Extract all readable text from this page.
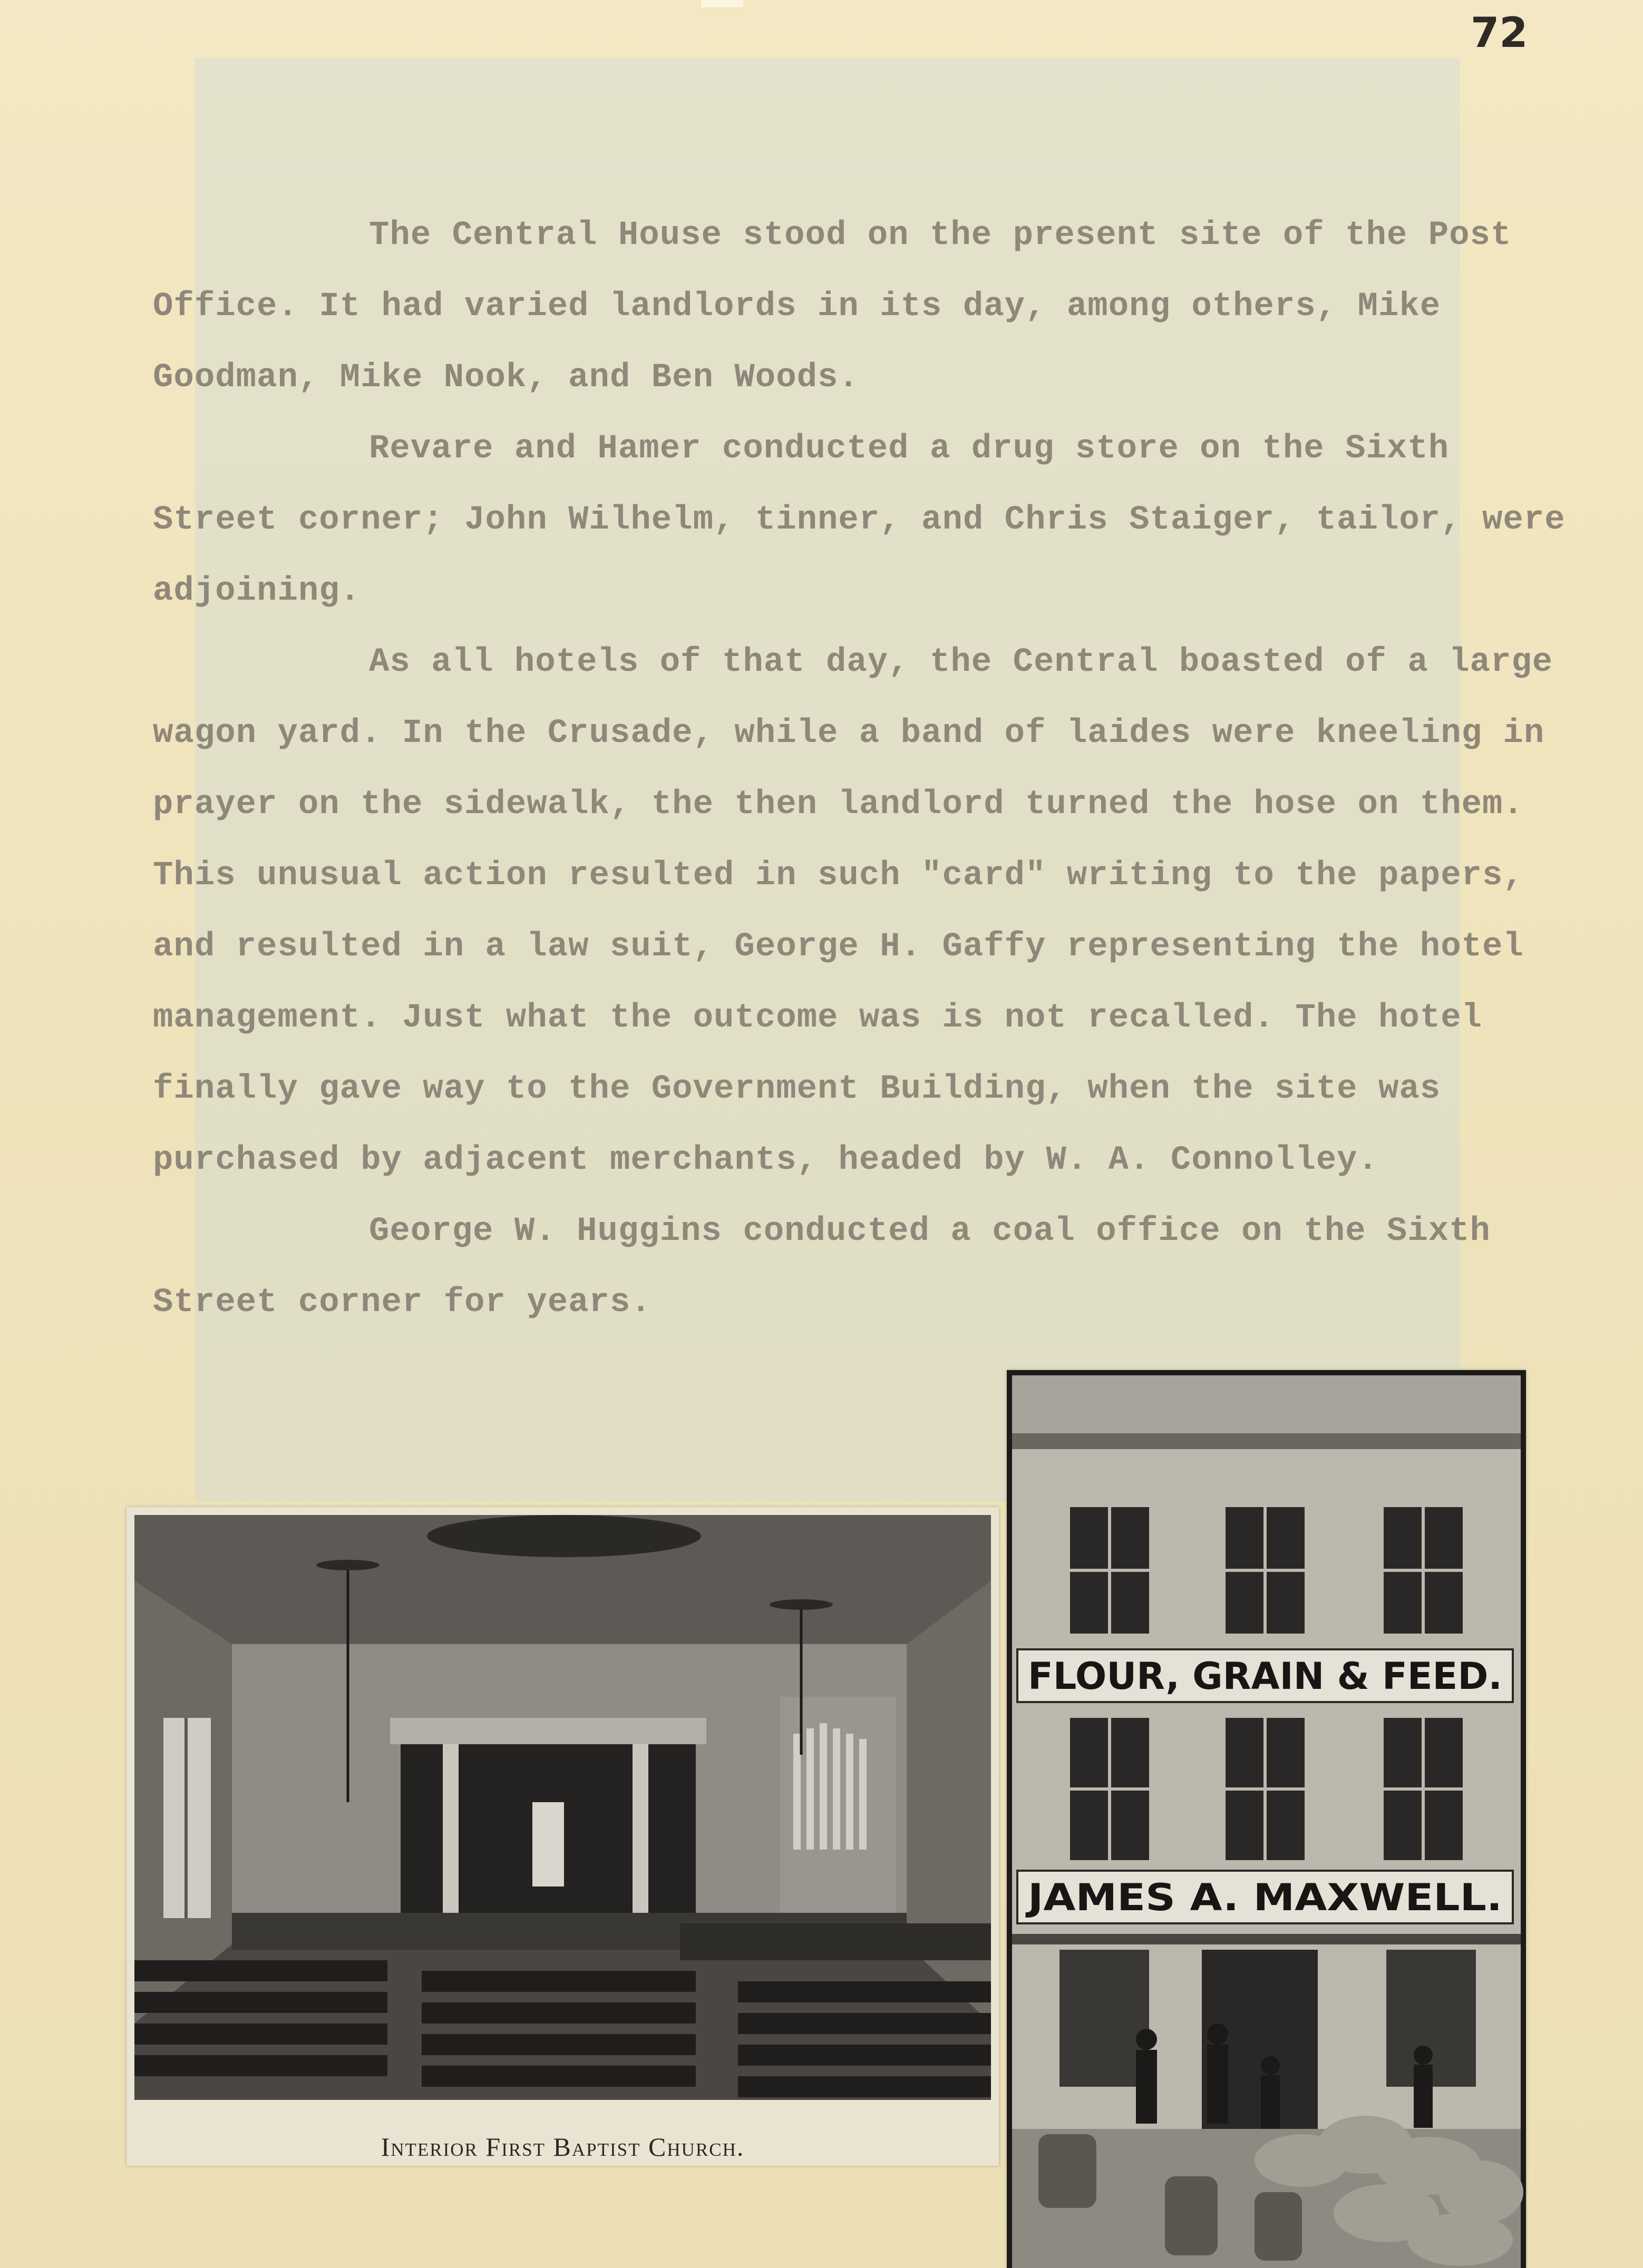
72

The Central House stood on the present site of the Post Office. It had varied landlords in its day, among others, Mike Goodman, Mike Nook, and Ben Woods.

Revare and Hamer conducted a drug store on the Sixth Street corner; John Wilhelm, tinner, and Chris Staiger, tailor, were adjoining.

As all hotels of that day, the Central boasted of a large wagon yard. In the Crusade, while a band of laides were kneeling in prayer on the sidewalk, the then landlord turned the hose on them. This unusual action resulted in such "card" writing to the papers, and resulted in a law suit, George H. Gaffy representing the hotel management. Just what the outcome was is not recalled. The hotel finally gave way to the Government Building, when the site was purchased by adjacent merchants, headed by W. A. Connolley.

George W. Huggins conducted a coal office on the Sixth Street corner for years.

Interior First Baptist Church.
FLOUR, GRAIN & FEED.
JAMES A. MAXWELL.
